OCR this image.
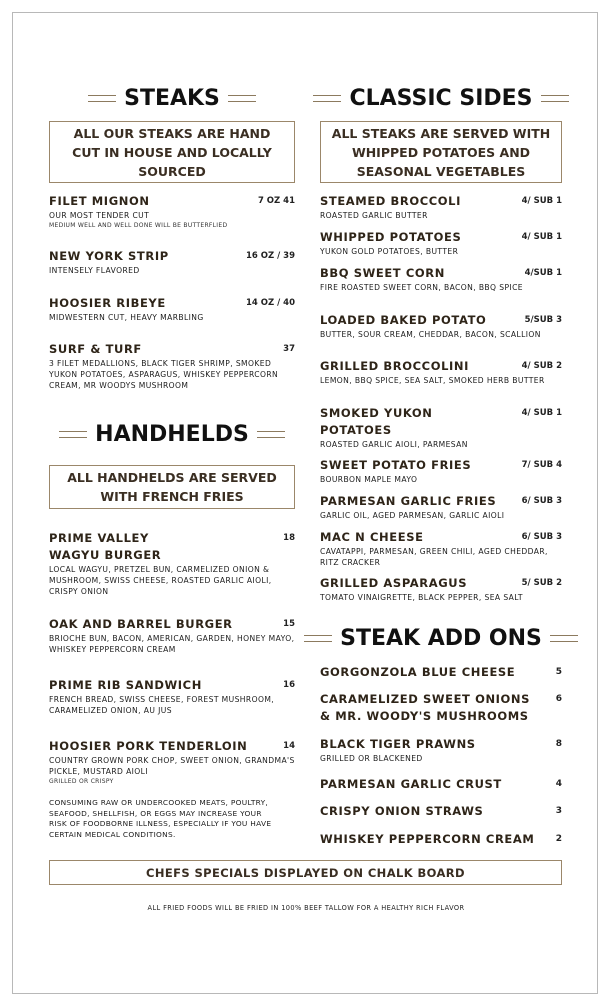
STEAKS
ALL OUR STEAKS ARE HAND CUT IN HOUSE AND LOCALLY SOURCED
FILET MIGNON	7 OZ 41
OUR MOST TENDER CUT
MEDIUM WELL AND WELL DONE WILL BE BUTTERFLIED
NEW YORK STRIP	16 OZ / 39
INTENSELY FLAVORED
HOOSIER RIBEYE	14 OZ / 40
MIDWESTERN CUT, HEAVY MARBLING
SURF & TURF	37
3 FILET MEDALLIONS, BLACK TIGER SHRIMP, SMOKED YUKON POTATOES, ASPARAGUS, WHISKEY PEPPERCORN CREAM, MR WOODYS MUSHROOM
HANDHELDS
ALL HANDHELDS ARE SERVED WITH FRENCH FRIES
PRIME VALLEY WAGYU BURGER
18
LOCAL WAGYU, PRETZEL BUN, CARMELIZED ONION & MUSHROOM, SWISS CHEESE, ROASTED GARLIC AIOLI, CRISPY ONION
OAK AND BARREL BURGER	15
BRIOCHE BUN, BACON, AMERICAN, GARDEN, HONEY MAYO, WHISKEY PEPPERCORN CREAM
PRIME RIB SANDWICH	16
FRENCH BREAD, SWISS CHEESE, FOREST MUSHROOM, CARAMELIZED ONION, AU JUS
HOOSIER PORK TENDERLOIN	14
COUNTRY GROWN PORK CHOP, SWEET ONION, GRANDMA'S PICKLE, MUSTARD AIOLI
GRILLED OR CRISPY
CONSUMING RAW OR UNDERCOOKED MEATS, POULTRY, SEAFOOD, SHELLFISH, OR EGGS MAY INCREASE YOUR RISK OF FOODBORNE ILLNESS, ESPECIALLY IF YOU HAVE CERTAIN MEDICAL CONDITIONS.
CLASSIC SIDES
ALL STEAKS ARE SERVED WITH WHIPPED POTATOES AND SEASONAL VEGETABLES
STEAMED BROCCOLI	4/ SUB 1
ROASTED GARLIC BUTTER
WHIPPED POTATOES	4/ SUB 1
YUKON GOLD POTATOES, BUTTER
BBQ SWEET CORN	4/SUB 1
FIRE ROASTED SWEET CORN, BACON, BBQ SPICE
LOADED BAKED POTATO	5/SUB 3
BUTTER, SOUR CREAM, CHEDDAR, BACON, SCALLION
GRILLED BROCCOLINI	4/ SUB 2
LEMON, BBQ SPICE, SEA SALT, SMOKED HERB BUTTER
SMOKED YUKON POTATOES
4/ SUB 1
ROASTED GARLIC AIOLI, PARMESAN
SWEET POTATO FRIES	7/ SUB 4
BOURBON MAPLE MAYO
PARMESAN GARLIC FRIES	6/ SUB 3
GARLIC OIL, AGED PARMESAN, GARLIC AIOLI
MAC N CHEESE	6/ SUB 3
CAVATAPPI, PARMESAN, GREEN CHILI, AGED CHEDDAR, RITZ CRACKER
GRILLED ASPARAGUS	5/ SUB 2
TOMATO VINAIGRETTE, BLACK PEPPER, SEA SALT
STEAK ADD ONS
GORGONZOLA BLUE CHEESE	5
CARAMELIZED SWEET ONIONS & MR. WOODY'S MUSHROOMS
6
BLACK TIGER PRAWNS	8
GRILLED OR BLACKENED
PARMESAN GARLIC CRUST	4
CRISPY ONION STRAWS	3
WHISKEY PEPPERCORN CREAM 2
CHEFS SPECIALS DISPLAYED ON CHALK BOARD
ALL FRIED FOODS WILL BE FRIED IN 100% BEEF TALLOW FOR A HEALTHY RICH FLAVOR
